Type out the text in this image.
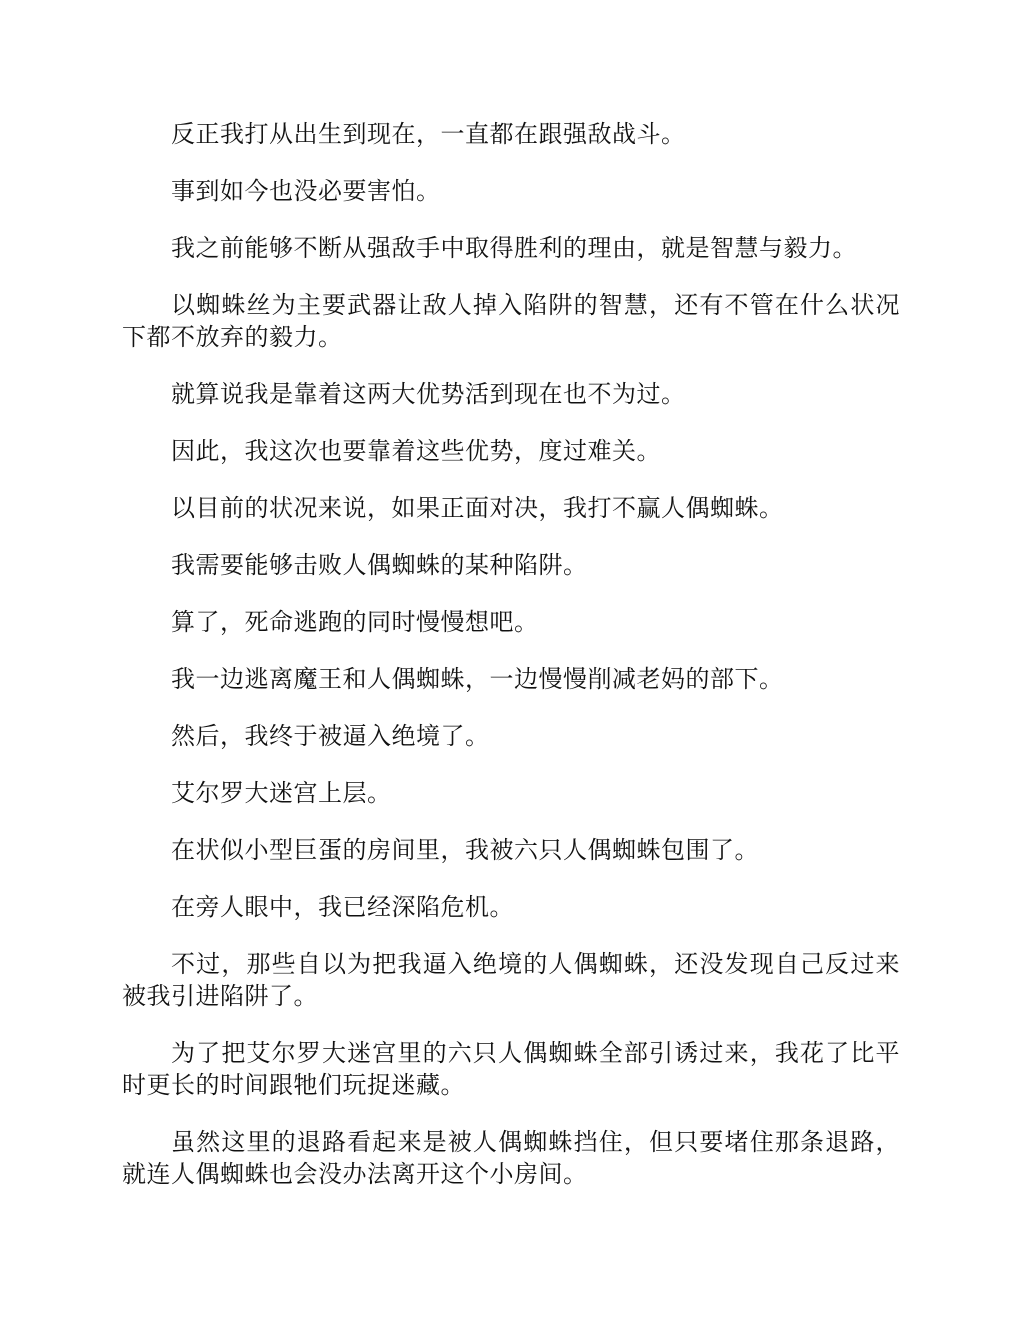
反正我打从出生到现在，一直都在跟强敌战斗。

事到如今也没必要害怕。

我之前能够不断从强敌手中取得胜利的理由，就是智慧与毅力。

以蜘蛛丝为主要武器让敌人掉入陷阱的智慧，还有不管在什么状况下都不放弃的毅力。

就算说我是靠着这两大优势活到现在也不为过。

因此，我这次也要靠着这些优势，度过难关。

以目前的状况来说，如果正面对决，我打不赢人偶蜘蛛。

我需要能够击败人偶蜘蛛的某种陷阱。

算了，死命逃跑的同时慢慢想吧。

我一边逃离魔王和人偶蜘蛛，一边慢慢削减老妈的部下。

然后，我终于被逼入绝境了。

艾尔罗大迷宫上层。

在状似小型巨蛋的房间里，我被六只人偶蜘蛛包围了。

在旁人眼中，我已经深陷危机。

不过，那些自以为把我逼入绝境的人偶蜘蛛，还没发现自己反过来被我引进陷阱了。

为了把艾尔罗大迷宫里的六只人偶蜘蛛全部引诱过来，我花了比平时更长的时间跟牠们玩捉迷藏。

虽然这里的退路看起来是被人偶蜘蛛挡住，但只要堵住那条退路，就连人偶蜘蛛也会没办法离开这个小房间。
